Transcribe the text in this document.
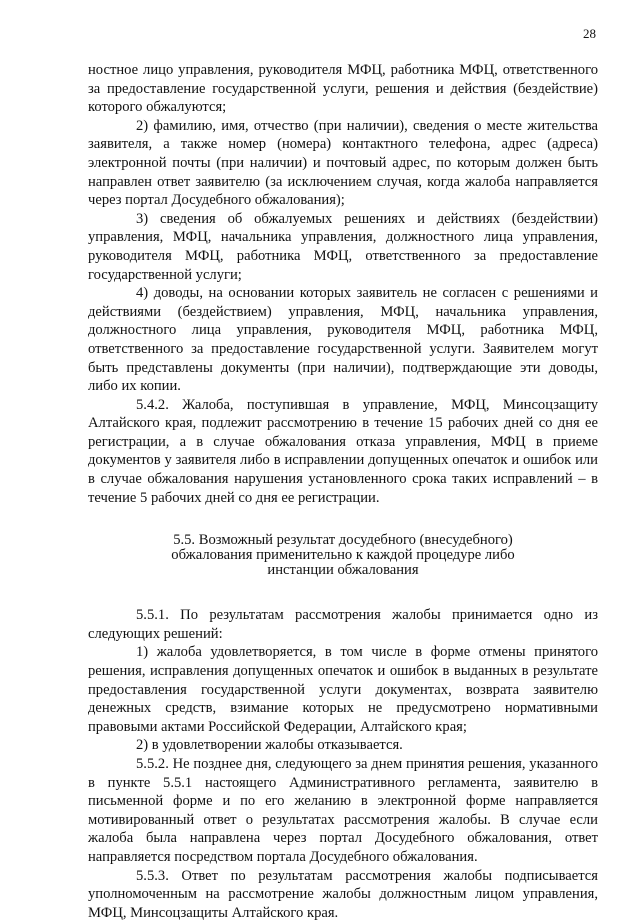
28

ностное лицо управления, руководителя МФЦ, работника МФЦ, ответственного за предоставление государственной услуги, решения и действия (бездействие) которого обжалуются;

2) фамилию, имя, отчество (при наличии), сведения о месте жительства заявителя, а также номер (номера) контактного телефона, адрес (адреса) электронной почты (при наличии) и почтовый адрес, по которым должен быть направлен ответ заявителю (за исключением случая, когда жалоба направляется через портал Досудебного обжалования);

3) сведения об обжалуемых решениях и действиях (бездействии) управления, МФЦ, начальника управления, должностного лица управления, руководителя МФЦ, работника МФЦ, ответственного за предоставление государственной услуги;

4) доводы, на основании которых заявитель не согласен с решениями и действиями (бездействием) управления, МФЦ, начальника управления, должностного лица управления, руководителя МФЦ, работника МФЦ, ответственного за предоставление государственной услуги. Заявителем могут быть представлены документы (при наличии), подтверждающие эти доводы, либо их копии.

5.4.2. Жалоба, поступившая в управление, МФЦ, Минсоцзащиту Алтайского края, подлежит рассмотрению в течение 15 рабочих дней со дня ее регистрации, а в случае обжалования отказа управления, МФЦ в приеме документов у заявителя либо в исправлении допущенных опечаток и ошибок или в случае обжалования нарушения установленного срока таких исправлений – в течение 5 рабочих дней со дня ее регистрации.

5.5. Возможный результат досудебного (внесудебного)
обжалования применительно к каждой процедуре либо
инстанции обжалования

5.5.1. По результатам рассмотрения жалобы принимается одно из следующих решений:

1) жалоба удовлетворяется, в том числе в форме отмены принятого решения, исправления допущенных опечаток и ошибок в выданных в результате предоставления государственной услуги документах, возврата заявителю денежных средств, взимание которых не предусмотрено нормативными правовыми актами Российской Федерации, Алтайского края;

2) в удовлетворении жалобы отказывается.

5.5.2. Не позднее дня, следующего за днем принятия решения, указанного в пункте 5.5.1 настоящего Административного регламента, заявителю в письменной форме и по его желанию в электронной форме направляется мотивированный ответ о результатах рассмотрения жалобы. В случае если жалоба была направлена через портал Досудебного обжалования, ответ направляется посредством портала Досудебного обжалования.

5.5.3. Ответ по результатам рассмотрения жалобы подписывается уполномоченным на рассмотрение жалобы должностным лицом управления, МФЦ, Минсоцзащиты Алтайского края.
